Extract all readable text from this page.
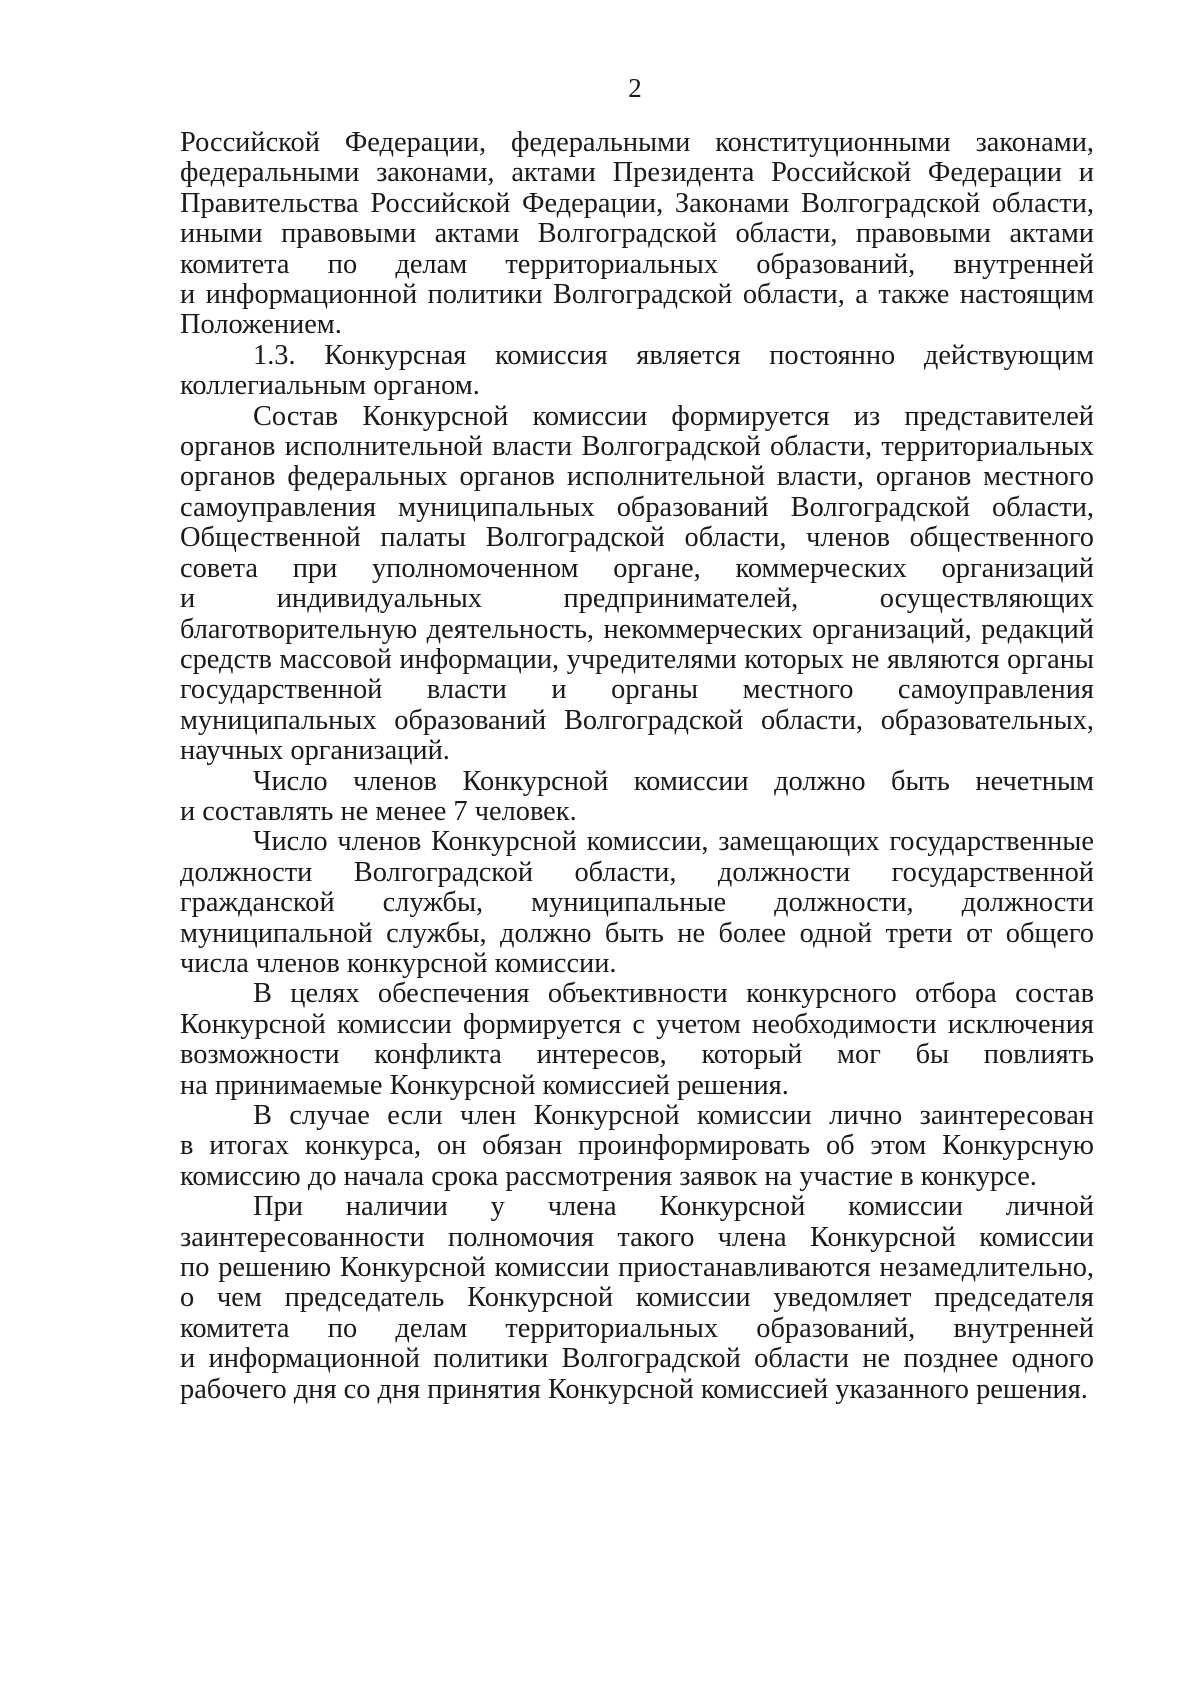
2
Российской Федерации, федеральными конституционными законами,
федеральными законами, актами Президента Российской Федерации и
Правительства Российской Федерации, Законами Волгоградской области,
иными правовыми актами Волгоградской области, правовыми актами
комитета по делам территориальных образований, внутренней
и информационной политики Волгоградской области, а также настоящим
Положением.
1.3. Конкурсная комиссия является постоянно действующим
коллегиальным органом.
Состав Конкурсной комиссии формируется из представителей
органов исполнительной власти Волгоградской области, территориальных
органов федеральных органов исполнительной власти, органов местного
самоуправления муниципальных образований Волгоградской области,
Общественной палаты Волгоградской области, членов общественного
совета при уполномоченном органе, коммерческих организаций
и индивидуальных предпринимателей, осуществляющих
благотворительную деятельность, некоммерческих организаций, редакций
средств массовой информации, учредителями которых не являются органы
государственной власти и органы местного самоуправления
муниципальных образований Волгоградской области, образовательных,
научных организаций.
Число членов Конкурсной комиссии должно быть нечетным
и составлять не менее 7 человек.
Число членов Конкурсной комиссии, замещающих государственные
должности Волгоградской области, должности государственной
гражданской службы, муниципальные должности, должности
муниципальной службы, должно быть не более одной трети от общего
числа членов конкурсной комиссии.
В целях обеспечения объективности конкурсного отбора состав
Конкурсной комиссии формируется с учетом необходимости исключения
возможности конфликта интересов, который мог бы повлиять
на принимаемые Конкурсной комиссией решения.
В случае если член Конкурсной комиссии лично заинтересован
в итогах конкурса, он обязан проинформировать об этом Конкурсную
комиссию до начала срока рассмотрения заявок на участие в конкурсе.
При наличии у члена Конкурсной комиссии личной
заинтересованности полномочия такого члена Конкурсной комиссии
по решению Конкурсной комиссии приостанавливаются незамедлительно,
о чем председатель Конкурсной комиссии уведомляет председателя
комитета по делам территориальных образований, внутренней
и информационной политики Волгоградской области не позднее одного
рабочего дня со дня принятия Конкурсной комиссией указанного решения.
